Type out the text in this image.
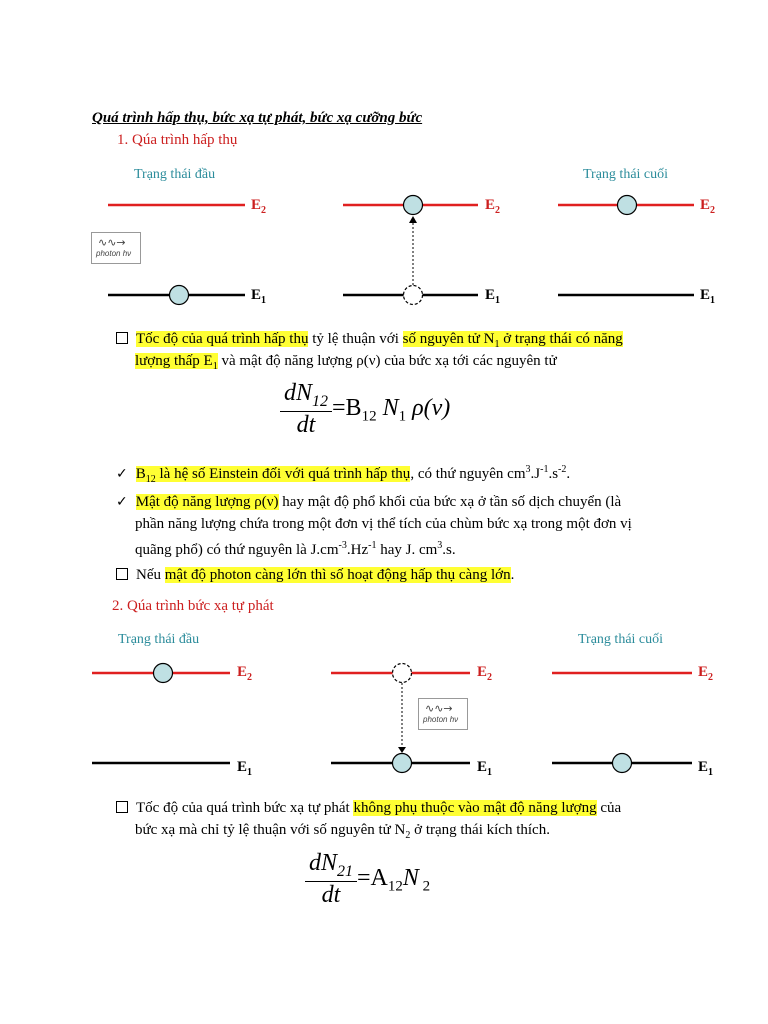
Quá trình hấp thụ, bức xạ tự phát, bức xạ cưỡng bức
1. Qúa trình hấp thụ
Trạng thái đầu	Trạng thái cuối
$E_2$
$E_1$
$E_2$
$E_1$
$E_2$
$E_1$
∿∿→
photon hν
Tốc độ của quá trình hấp thụ tỷ lệ thuận với số nguyên tử $N_1$ ở trạng thái có năng
lượng thấp $E_1$ và mật độ năng lượng ρ(ν) của bức xạ tới các nguyên tử
$\frac{dN_{12}}{dt} =B_{12}$ $N_1$ ρ(ν)
✓ $B_{12}$ là hệ số Einstein đối với quá trình hấp thụ, có thứ nguyên $cm^3.J^{-1}.s^{-2}$.
✓ Mật độ năng lượng ρ(ν) hay mật độ phổ khối của bức xạ ở tần số dịch chuyển (là
phần năng lượng chứa trong một đơn vị thể tích của chùm bức xạ trong một đơn vị
quãng phổ) có thứ nguyên là $J.cm^{-3}.Hz^{-1}$ hay J. $cm^3.s$.
Nếu mật độ photon càng lớn thì số hoạt động hấp thụ càng lớn.
2. Qúa trình bức xạ tự phát
Trạng thái đầu	Trạng thái cuối
$E_2$
$E_1$
$E_2$
$E_1$
$E_2$
$E_1$
∿∿→
photon hν
Tốc độ của quá trình bức xạ tự phát không phụ thuộc vào mật độ năng lượng của
bức xạ mà chỉ tỷ lệ thuận với số nguyên tử $N_2$ ở trạng thái kích thích.
$\frac{dN_{21}}{dt} =A_{12}N$ $_2$
